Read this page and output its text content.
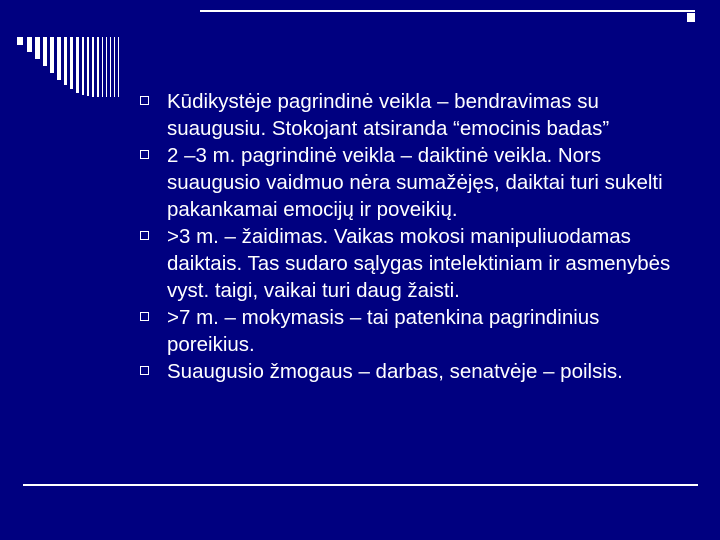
Kūdikystėje pagrindinė veikla – bendravimas su suaugusiu. Stokojant atsiranda “emocinis badas”
2 –3 m. pagrindinė veikla – daiktinė veikla. Nors suaugusio vaidmuo nėra sumažėjęs, daiktai turi sukelti pakankamai emocijų ir poveikių.
>3 m. – žaidimas. Vaikas mokosi manipuliuodamas daiktais. Tas sudaro sąlygas intelektiniam ir asmenybės vyst. taigi, vaikai turi daug žaisti.
>7 m. – mokymasis – tai patenkina pagrindinius poreikius.
Suaugusio žmogaus – darbas, senatvėje – poilsis.
